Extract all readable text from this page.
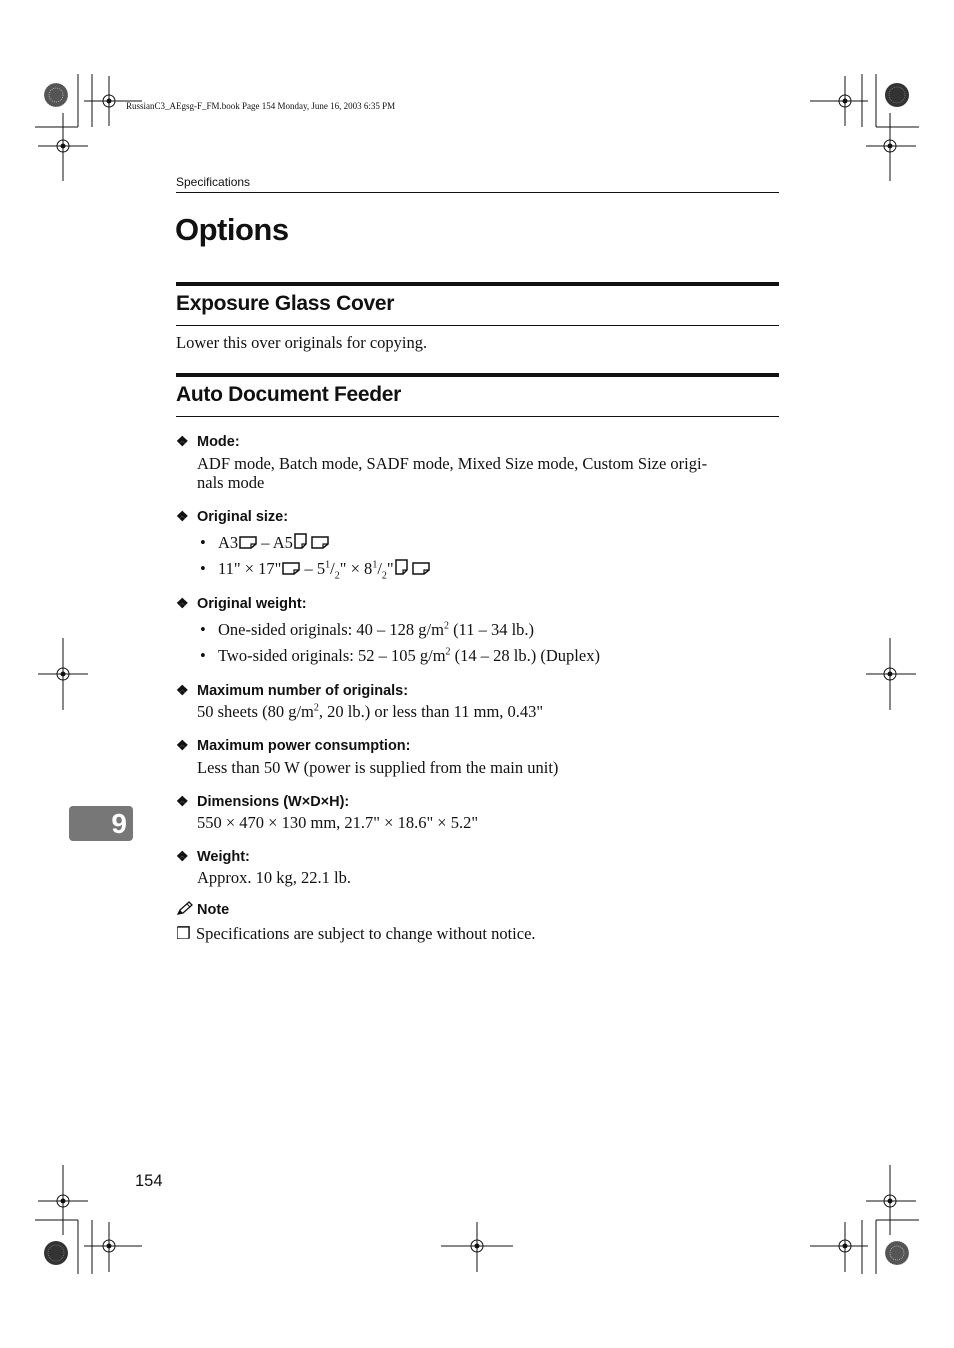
RussianC3_AEgsg-F_FM.book Page 154 Monday, June 16, 2003 6:35 PM
Specifications
Options
Exposure Glass Cover
Lower this over originals for copying.
Auto Document Feeder
❖ Mode:
ADF mode, Batch mode, SADF mode, Mixed Size mode, Custom Size origi-
nals mode
❖ Original size:
• A3 – A5
• 11" × 17" – $5^1/_2$" × $8^1/_2$"
❖ Original weight:
• One-sided originals: 40 – 128 $g/m^2$ (11 – 34 lb.)
• Two-sided originals: 52 – 105 $g/m^2$ (14 – 28 lb.) (Duplex)
❖ Maximum number of originals:
50 sheets (80 $g/m^2$, 20 lb.) or less than 11 mm, 0.43"
❖ Maximum power consumption:
Less than 50 W (power is supplied from the main unit)
❖ Dimensions (W×D×H):
550 × 470 × 130 mm, 21.7" × 18.6" × 5.2"
❖ Weight:
Approx. 10 kg, 22.1 lb.
Note
❒ Specifications are subject to change without notice.
9
154
